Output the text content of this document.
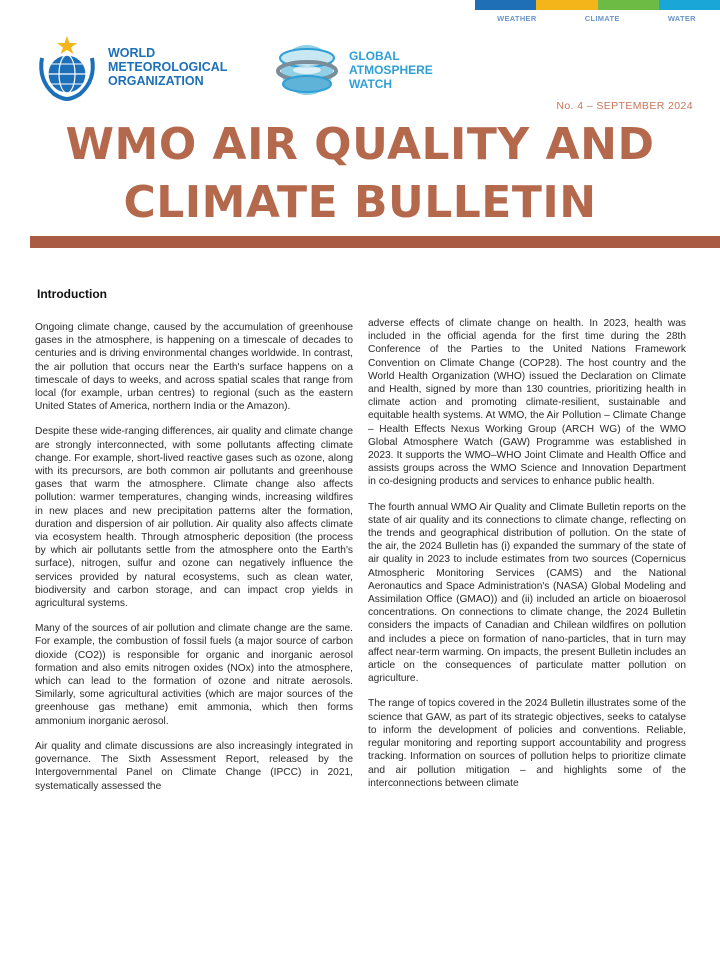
WEATHER	CLIMATE	WATER
WORLD
METEOROLOGICAL
ORGANIZATION
GLOBAL
ATMOSPHERE
WATCH
No. 4 – SEPTEMBER 2024
WMO AIR QUALITY AND
CLIMATE BULLETIN
Introduction

Ongoing climate change, caused by the accumulation of greenhouse gases in the atmosphere, is happening on a timescale of decades to centuries and is driving environmental changes worldwide. In contrast, the air pollution that occurs near the Earth's surface happens on a timescale of days to weeks, and across spatial scales that range from local (for example, urban centres) to regional (such as the eastern United States of America, northern India or the Amazon).

Despite these wide-ranging differences, air quality and climate change are strongly interconnected, with some pollutants affecting climate change. For example, short-lived reactive gases such as ozone, along with its precursors, are both common air pollutants and greenhouse gases that warm the atmosphere. Climate change also affects pollution: warmer temperatures, changing winds, increasing wildfires in new places and new precipitation patterns alter the formation, duration and dispersion of air pollution. Air quality also affects climate via ecosystem health. Through atmospheric deposition (the process by which air pollutants settle from the atmosphere onto the Earth's surface), nitrogen, sulfur and ozone can negatively influence the services provided by natural ecosystems, such as clean water, biodiversity and carbon storage, and can impact crop yields in agricultural systems.

Many of the sources of air pollution and climate change are the same. For example, the combustion of fossil fuels (a major source of carbon dioxide (CO2)) is responsible for organic and inorganic aerosol formation and also emits nitrogen oxides (NOx) into the atmosphere, which can lead to the formation of ozone and nitrate aerosols. Similarly, some agricultural activities (which are major sources of the greenhouse gas methane) emit ammonia, which then forms ammonium inorganic aerosol.

Air quality and climate discussions are also increasingly integrated in governance. The Sixth Assessment Report, released by the Intergovernmental Panel on Climate Change (IPCC) in 2021, systematically assessed the

adverse effects of climate change on health. In 2023, health was included in the official agenda for the first time during the 28th Conference of the Parties to the United Nations Framework Convention on Climate Change (COP28). The host country and the World Health Organization (WHO) issued the Declaration on Climate and Health, signed by more than 130 countries, prioritizing health in climate action and promoting climate-resilient, sustainable and equitable health systems. At WMO, the Air Pollution – Climate Change – Health Effects Nexus Working Group (ARCH WG) of the WMO Global Atmosphere Watch (GAW) Programme was established in 2023. It supports the WMO–WHO Joint Climate and Health Office and assists groups across the WMO Science and Innovation Department in co-designing products and services to enhance public health.

The fourth annual WMO Air Quality and Climate Bulletin reports on the state of air quality and its connections to climate change, reflecting on the trends and geographical distribution of pollution. On the state of the air, the 2024 Bulletin has (i) expanded the summary of the state of air quality in 2023 to include estimates from two sources (Copernicus Atmospheric Monitoring Services (CAMS) and the National Aeronautics and Space Administration's (NASA) Global Modeling and Assimilation Office (GMAO)) and (ii) included an article on bioaerosol concentrations. On connections to climate change, the 2024 Bulletin considers the impacts of Canadian and Chilean wildfires on pollution and includes a piece on formation of nano-particles, that in turn may affect near-term warming. On impacts, the present Bulletin includes an article on the consequences of particulate matter pollution on agriculture.

The range of topics covered in the 2024 Bulletin illustrates some of the science that GAW, as part of its strategic objectives, seeks to catalyse to inform the development of policies and conventions. Reliable, regular monitoring and reporting support accountability and progress tracking. Information on sources of pollution helps to prioritize climate and air pollution mitigation – and highlights some of the interconnections between climate
